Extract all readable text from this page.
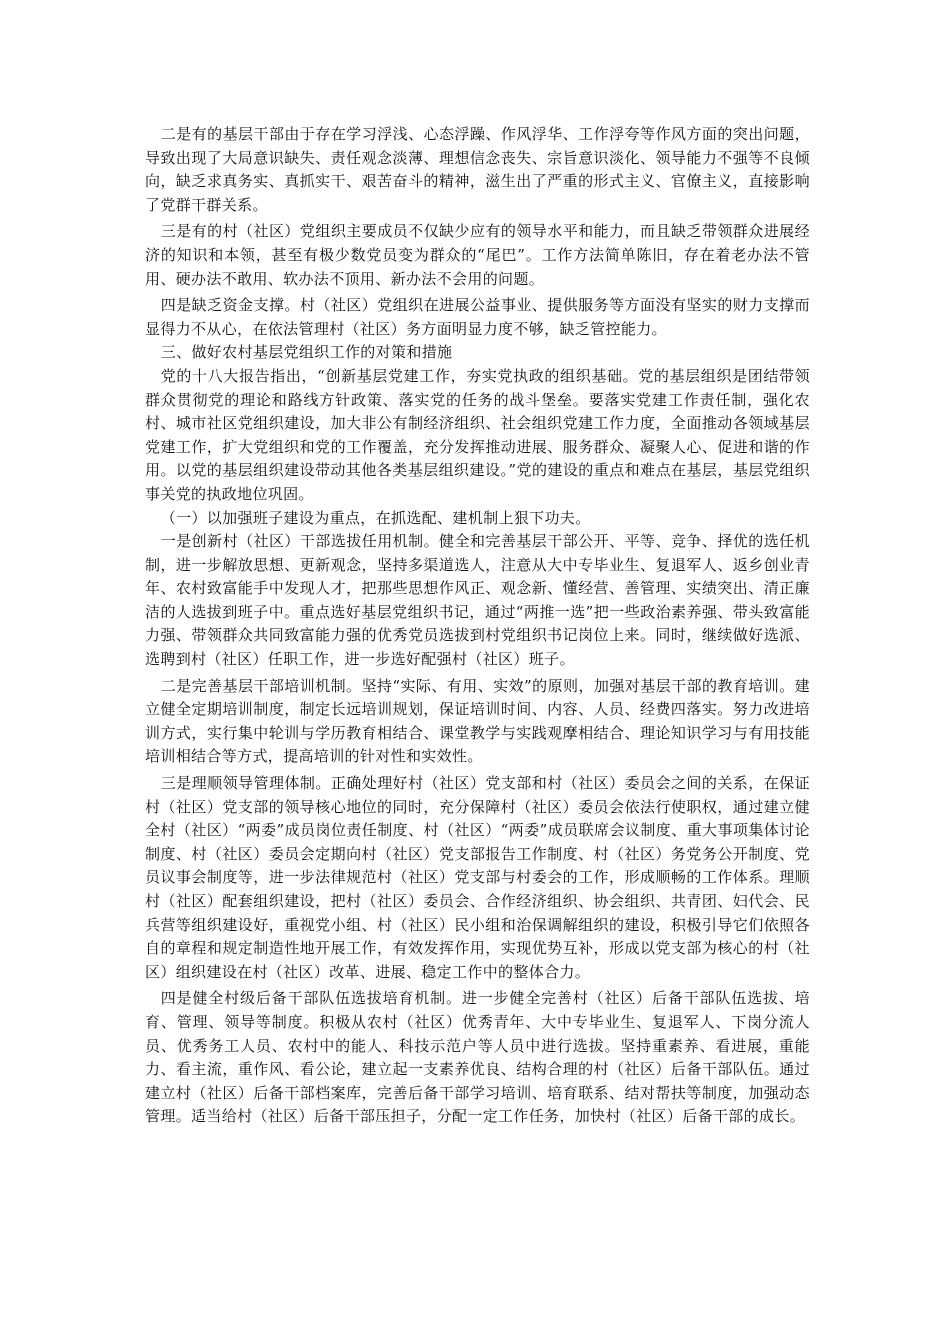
二是有的基层干部由于存在学习浮浅、心态浮躁、作风浮华、工作浮夸等作风方面的突出问题，导致出现了大局意识缺失、责任观念淡薄、理想信念丧失、宗旨意识淡化、领导能力不强等不良倾向，缺乏求真务实、真抓实干、艰苦奋斗的精神，滋生出了严重的形式主义、官僚主义，直接影响了党群干群关系。

三是有的村（社区）党组织主要成员不仅缺少应有的领导水平和能力，而且缺乏带领群众进展经济的知识和本领，甚至有极少数党员变为群众的“尾巴”。工作方法简单陈旧，存在着老办法不管用、硬办法不敢用、软办法不顶用、新办法不会用的问题。

四是缺乏资金支撑。村（社区）党组织在进展公益事业、提供服务等方面没有坚实的财力支撑而显得力不从心，在依法管理村（社区）务方面明显力度不够，缺乏管控能力。

三、做好农村基层党组织工作的对策和措施

党的十八大报告指出，“创新基层党建工作，夯实党执政的组织基础。党的基层组织是团结带领群众贯彻党的理论和路线方针政策、落实党的任务的战斗堡垒。要落实党建工作责任制，强化农村、城市社区党组织建设，加大非公有制经济组织、社会组织党建工作力度，全面推动各领域基层党建工作，扩大党组织和党的工作覆盖，充分发挥推动进展、服务群众、凝聚人心、促进和谐的作用。以党的基层组织建设带动其他各类基层组织建设。”党的建设的重点和难点在基层，基层党组织事关党的执政地位巩固。

（一）以加强班子建设为重点，在抓选配、建机制上狠下功夫。

一是创新村（社区）干部选拔任用机制。健全和完善基层干部公开、平等、竞争、择优的选任机制，进一步解放思想、更新观念，坚持多渠道选人，注意从大中专毕业生、复退军人、返乡创业青年、农村致富能手中发现人才，把那些思想作风正、观念新、懂经营、善管理、实绩突出、清正廉洁的人选拔到班子中。重点选好基层党组织书记，通过“两推一选”把一些政治素养强、带头致富能力强、带领群众共同致富能力强的优秀党员选拔到村党组织书记岗位上来。同时，继续做好选派、选聘到村（社区）任职工作，进一步选好配强村（社区）班子。

二是完善基层干部培训机制。坚持“实际、有用、实效”的原则，加强对基层干部的教育培训。建立健全定期培训制度，制定长远培训规划，保证培训时间、内容、人员、经费四落实。努力改进培训方式，实行集中轮训与学历教育相结合、课堂教学与实践观摩相结合、理论知识学习与有用技能培训相结合等方式，提高培训的针对性和实效性。

三是理顺领导管理体制。正确处理好村（社区）党支部和村（社区）委员会之间的关系，在保证村（社区）党支部的领导核心地位的同时，充分保障村（社区）委员会依法行使职权，通过建立健全村（社区）“两委”成员岗位责任制度、村（社区）“两委”成员联席会议制度、重大事项集体讨论制度、村（社区）委员会定期向村（社区）党支部报告工作制度、村（社区）务党务公开制度、党员议事会制度等，进一步法律规范村（社区）党支部与村委会的工作，形成顺畅的工作体系。理顺村（社区）配套组织建设，把村（社区）委员会、合作经济组织、协会组织、共青团、妇代会、民兵营等组织建设好，重视党小组、村（社区）民小组和治保调解组织的建设，积极引导它们依照各自的章程和规定制造性地开展工作，有效发挥作用，实现优势互补，形成以党支部为核心的村（社区）组织建设在村（社区）改革、进展、稳定工作中的整体合力。

四是健全村级后备干部队伍选拔培育机制。进一步健全完善村（社区）后备干部队伍选拔、培育、管理、领导等制度。积极从农村（社区）优秀青年、大中专毕业生、复退军人、下岗分流人员、优秀务工人员、农村中的能人、科技示范户等人员中进行选拔。坚持重素养、看进展，重能力、看主流，重作风、看公论，建立起一支素养优良、结构合理的村（社区）后备干部队伍。通过建立村（社区）后备干部档案库，完善后备干部学习培训、培育联系、结对帮扶等制度，加强动态管理。适当给村（社区）后备干部压担子，分配一定工作任务，加快村（社区）后备干部的成长。
